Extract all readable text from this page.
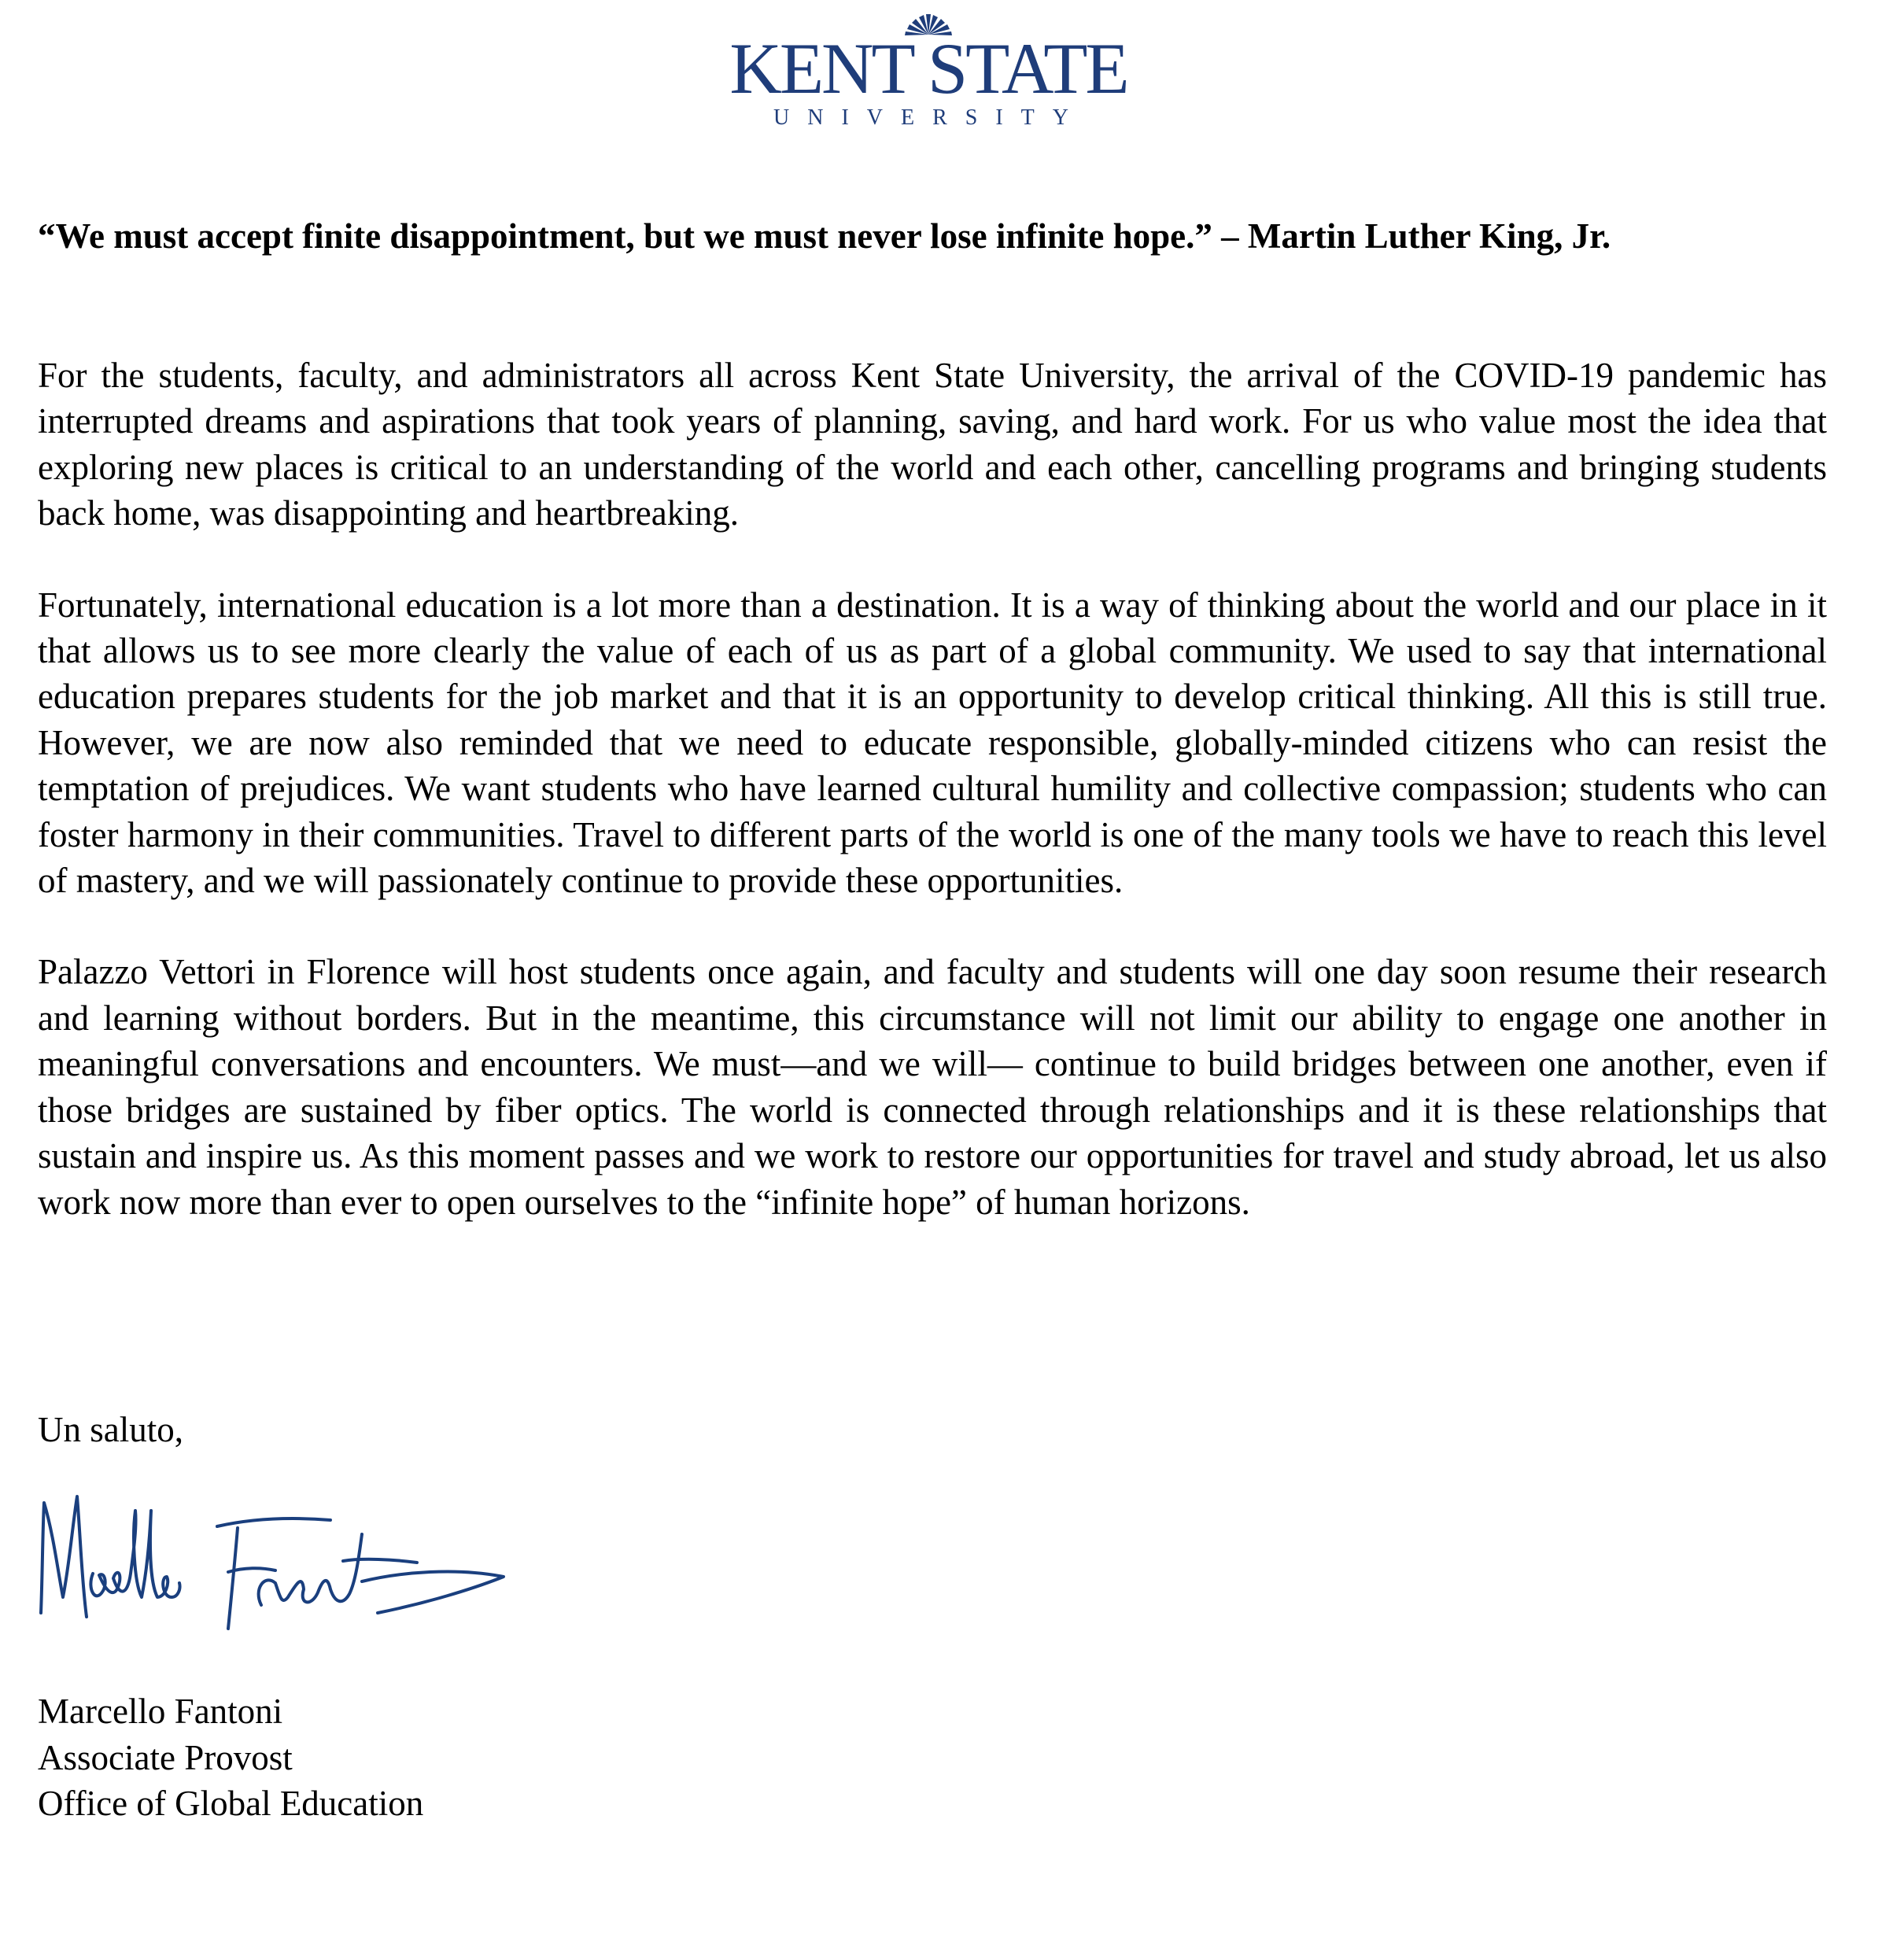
KENT STATE
UNIVERSITY
“We must accept finite disappointment, but we must never lose infinite hope.” – Martin Luther King, Jr.

For the students, faculty, and administrators all across Kent State University, the arrival of the COVID-19 pandemic has interrupted dreams and aspirations that took years of planning, saving, and hard work. For us who value most the idea that exploring new places is critical to an understanding of the world and each other, cancelling programs and bringing students back home, was disappointing and heartbreaking.

Fortunately, international education is a lot more than a destination. It is a way of thinking about the world and our place in it that allows us to see more clearly the value of each of us as part of a global community. We used to say that international education prepares students for the job market and that it is an opportunity to develop critical thinking. All this is still true. However, we are now also reminded that we need to educate responsible, globally-minded citizens who can resist the temptation of prejudices. We want students who have learned cultural humility and collective compassion; students who can foster harmony in their communities. Travel to different parts of the world is one of the many tools we have to reach this level of mastery, and we will passionately continue to provide these opportunities.

Palazzo Vettori in Florence will host students once again, and faculty and students will one day soon resume their research and learning without borders. But in the meantime, this circumstance will not limit our ability to engage one another in meaningful conversations and encounters. We must—and we will— continue to build bridges between one another, even if those bridges are sustained by fiber optics. The world is connected through relationships and it is these relationships that sustain and inspire us. As this moment passes and we work to restore our opportunities for travel and study abroad, let us also work now more than ever to open ourselves to the “infinite hope” of human horizons.

Un saluto,
Marcello Fantoni
Associate Provost
Office of Global Education
